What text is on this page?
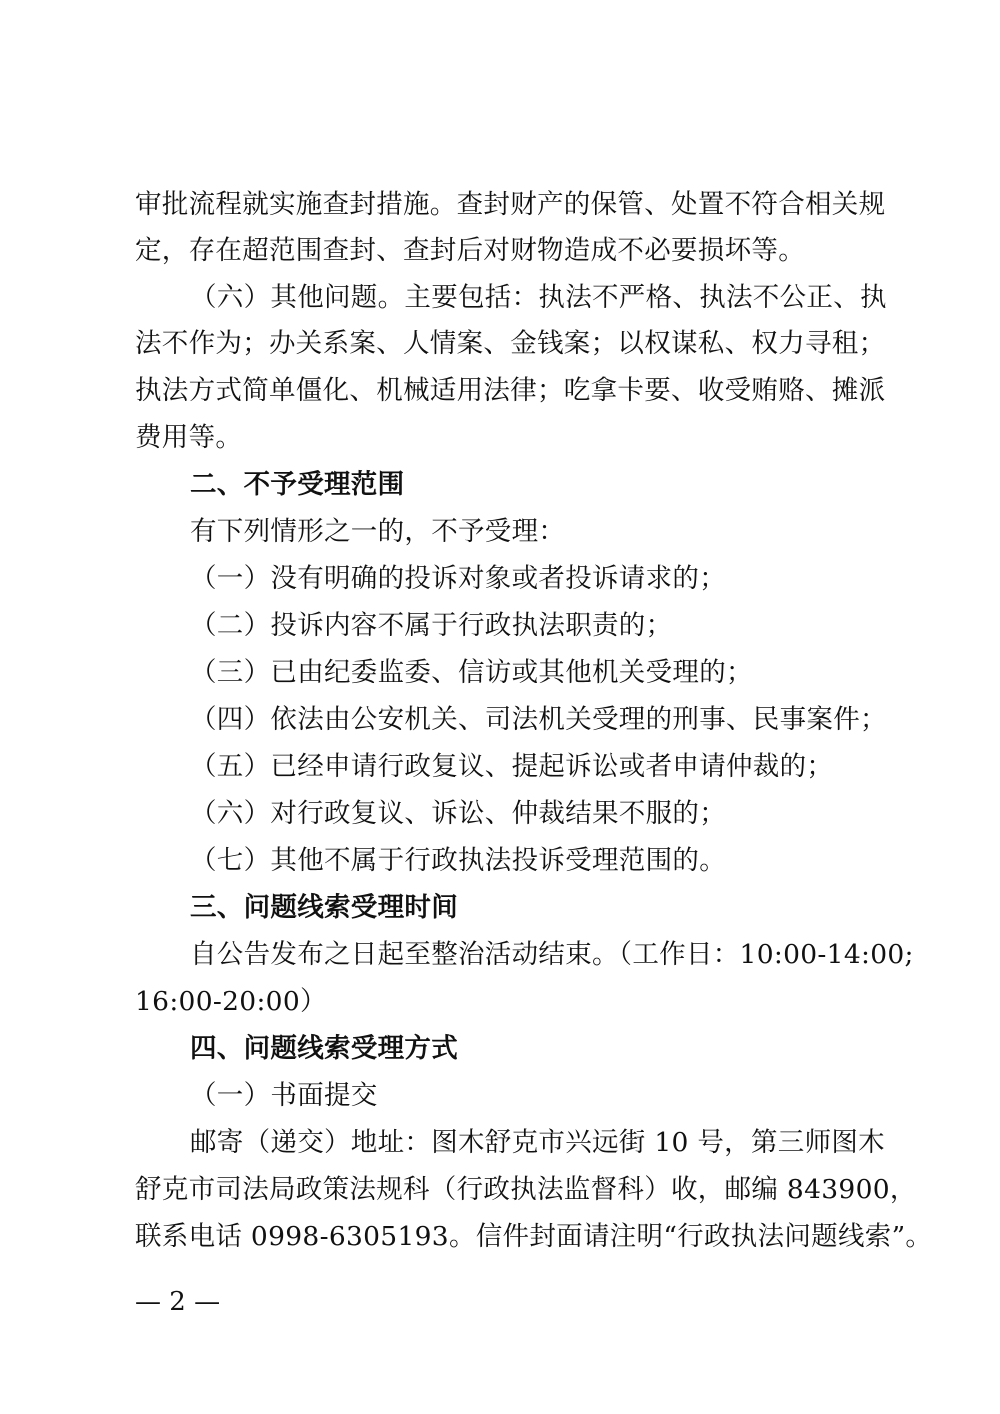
审批流程就实施查封措施。查封财产的保管、处置不符合相关规
定，存在超范围查封、查封后对财物造成不必要损坏等。
（六）其他问题。主要包括：执法不严格、执法不公正、执
法不作为；办关系案、人情案、金钱案；以权谋私、权力寻租；
执法方式简单僵化、机械适用法律；吃拿卡要、收受贿赂、摊派
费用等。
二、不予受理范围
有下列情形之一的，不予受理：
（一）没有明确的投诉对象或者投诉请求的；
（二）投诉内容不属于行政执法职责的；
（三）已由纪委监委、信访或其他机关受理的；
（四）依法由公安机关、司法机关受理的刑事、民事案件；
（五）已经申请行政复议、提起诉讼或者申请仲裁的；
（六）对行政复议、诉讼、仲裁结果不服的；
（七）其他不属于行政执法投诉受理范围的。
三、问题线索受理时间
自公告发布之日起至整治活动结束。（工作日：10:00-14:00;
16:00-20:00）
四、问题线索受理方式
（一）书面提交
邮寄（递交）地址：图木舒克市兴远街 10 号，第三师图木
舒克市司法局政策法规科（行政执法监督科）收，邮编 843900，
联系电话 0998-6305193。信件封面请注明“行政执法问题线索”。
— 2 —
